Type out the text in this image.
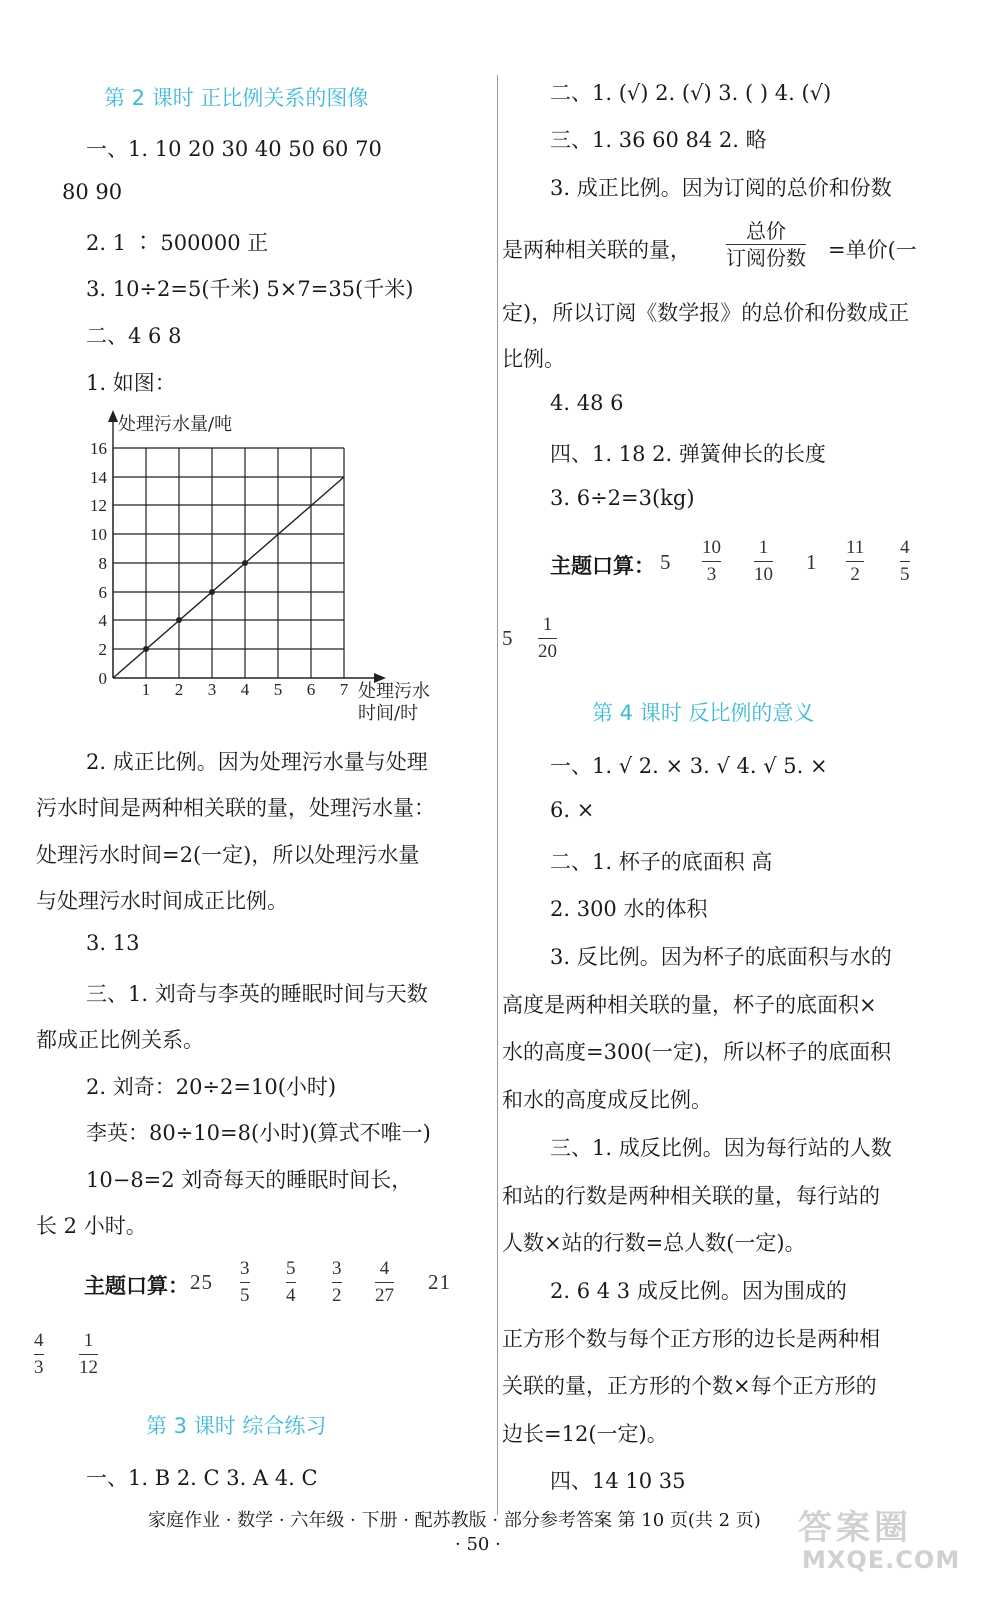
第 2 课时 正比例关系的图像
一、1. 10 20 30 40 50 60 70
80 90
2. 1 ∶ 500000 正
3. 10÷2=5(千米) 5×7=35(千米)
二、4 6 8
1. 如图：
处理污水量/吨
16
14
12
10
8
6
4
2
0
1 2 3 4 5 6 7 处理污水
时间/时
2. 成正比例。因为处理污水量与处理
污水时间是两种相关联的量，处理污水量：
处理污水时间=2(一定)，所以处理污水量
与处理污水时间成正比例。
3. 13
三、1. 刘奇与李英的睡眠时间与天数
都成正比例关系。
2. 刘奇：20÷2=10(小时)
李英：80÷10=8(小时)(算式不唯一)
10−8=2 刘奇每天的睡眠时间长，
长 2 小时。
主题口算： 25
3
5
5
4
3
2
4
27
21
4
3
1
12
第 3 课时 综合练习
一、1. B 2. C 3. A 4. C
二、1. (√) 2. (√) 3. ( ) 4. (√)
三、1. 36 60 84 2. 略
3. 成正比例。因为订阅的总价和份数
是两种相关联的量，
总价
订阅份数 =单价(一
定)，所以订阅《数学报》的总价和份数成正
比例。
4. 48 6
四、1. 18 2. 弹簧伸长的长度
3. 6÷2=3(kg)
主题口算： 5
10
3
1
10
1
11
2
4
5
5
1
20
第 4 课时 反比例的意义
一、1. √ 2. × 3. √ 4. √ 5. ×
6. ×
二、1. 杯子的底面积 高
2. 300 水的体积
3. 反比例。因为杯子的底面积与水的
高度是两种相关联的量，杯子的底面积×
水的高度=300(一定)，所以杯子的底面积
和水的高度成反比例。
三、1. 成反比例。因为每行站的人数
和站的行数是两种相关联的量，每行站的
人数×站的行数=总人数(一定)。
2. 6 4 3 成反比例。因为围成的
正方形个数与每个正方形的边长是两种相
关联的量，正方形的个数×每个正方形的
边长=12(一定)。
四、14 10 35
家庭作业 · 数学 · 六年级 · 下册 · 配苏教版 · 部分参考答案 第 10 页(共 2 页)
· 50 ·	答案圈
MXQE.COM
